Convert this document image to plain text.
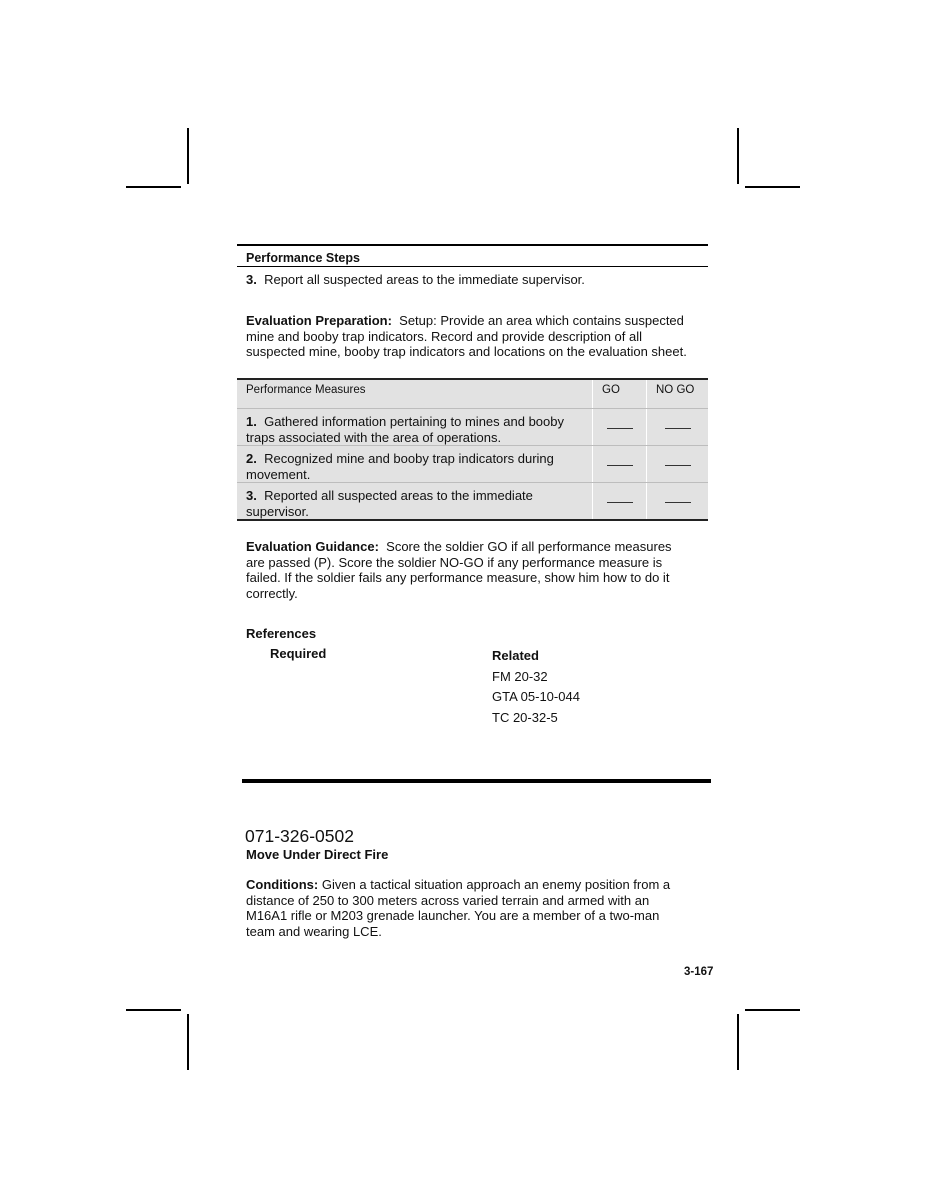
Performance Steps
3. Report all suspected areas to the immediate supervisor.
Evaluation Preparation: Setup: Provide an area which contains suspected
mine and booby trap indicators. Record and provide description of all
suspected mine, booby trap indicators and locations on the evaluation sheet.
Performance Measures	GO	NO GO
1. Gathered information pertaining to mines and booby traps associated with the area of operations.	

2. Recognized mine and booby trap indicators during movement.	

3. Reported all suspected areas to the immediate supervisor.	

Evaluation Guidance: Score the soldier GO if all performance measures
are passed (P). Score the soldier NO-GO if any performance measure is
failed. If the soldier fails any performance measure, show him how to do it
correctly.
References
Required	Related
FM 20-32
GTA 05-10-044
TC 20-32-5
071-326-0502
Move Under Direct Fire
Conditions: Given a tactical situation approach an enemy position from a
distance of 250 to 300 meters across varied terrain and armed with an
M16A1 rifle or M203 grenade launcher. You are a member of a two-man
team and wearing LCE.
3-167
